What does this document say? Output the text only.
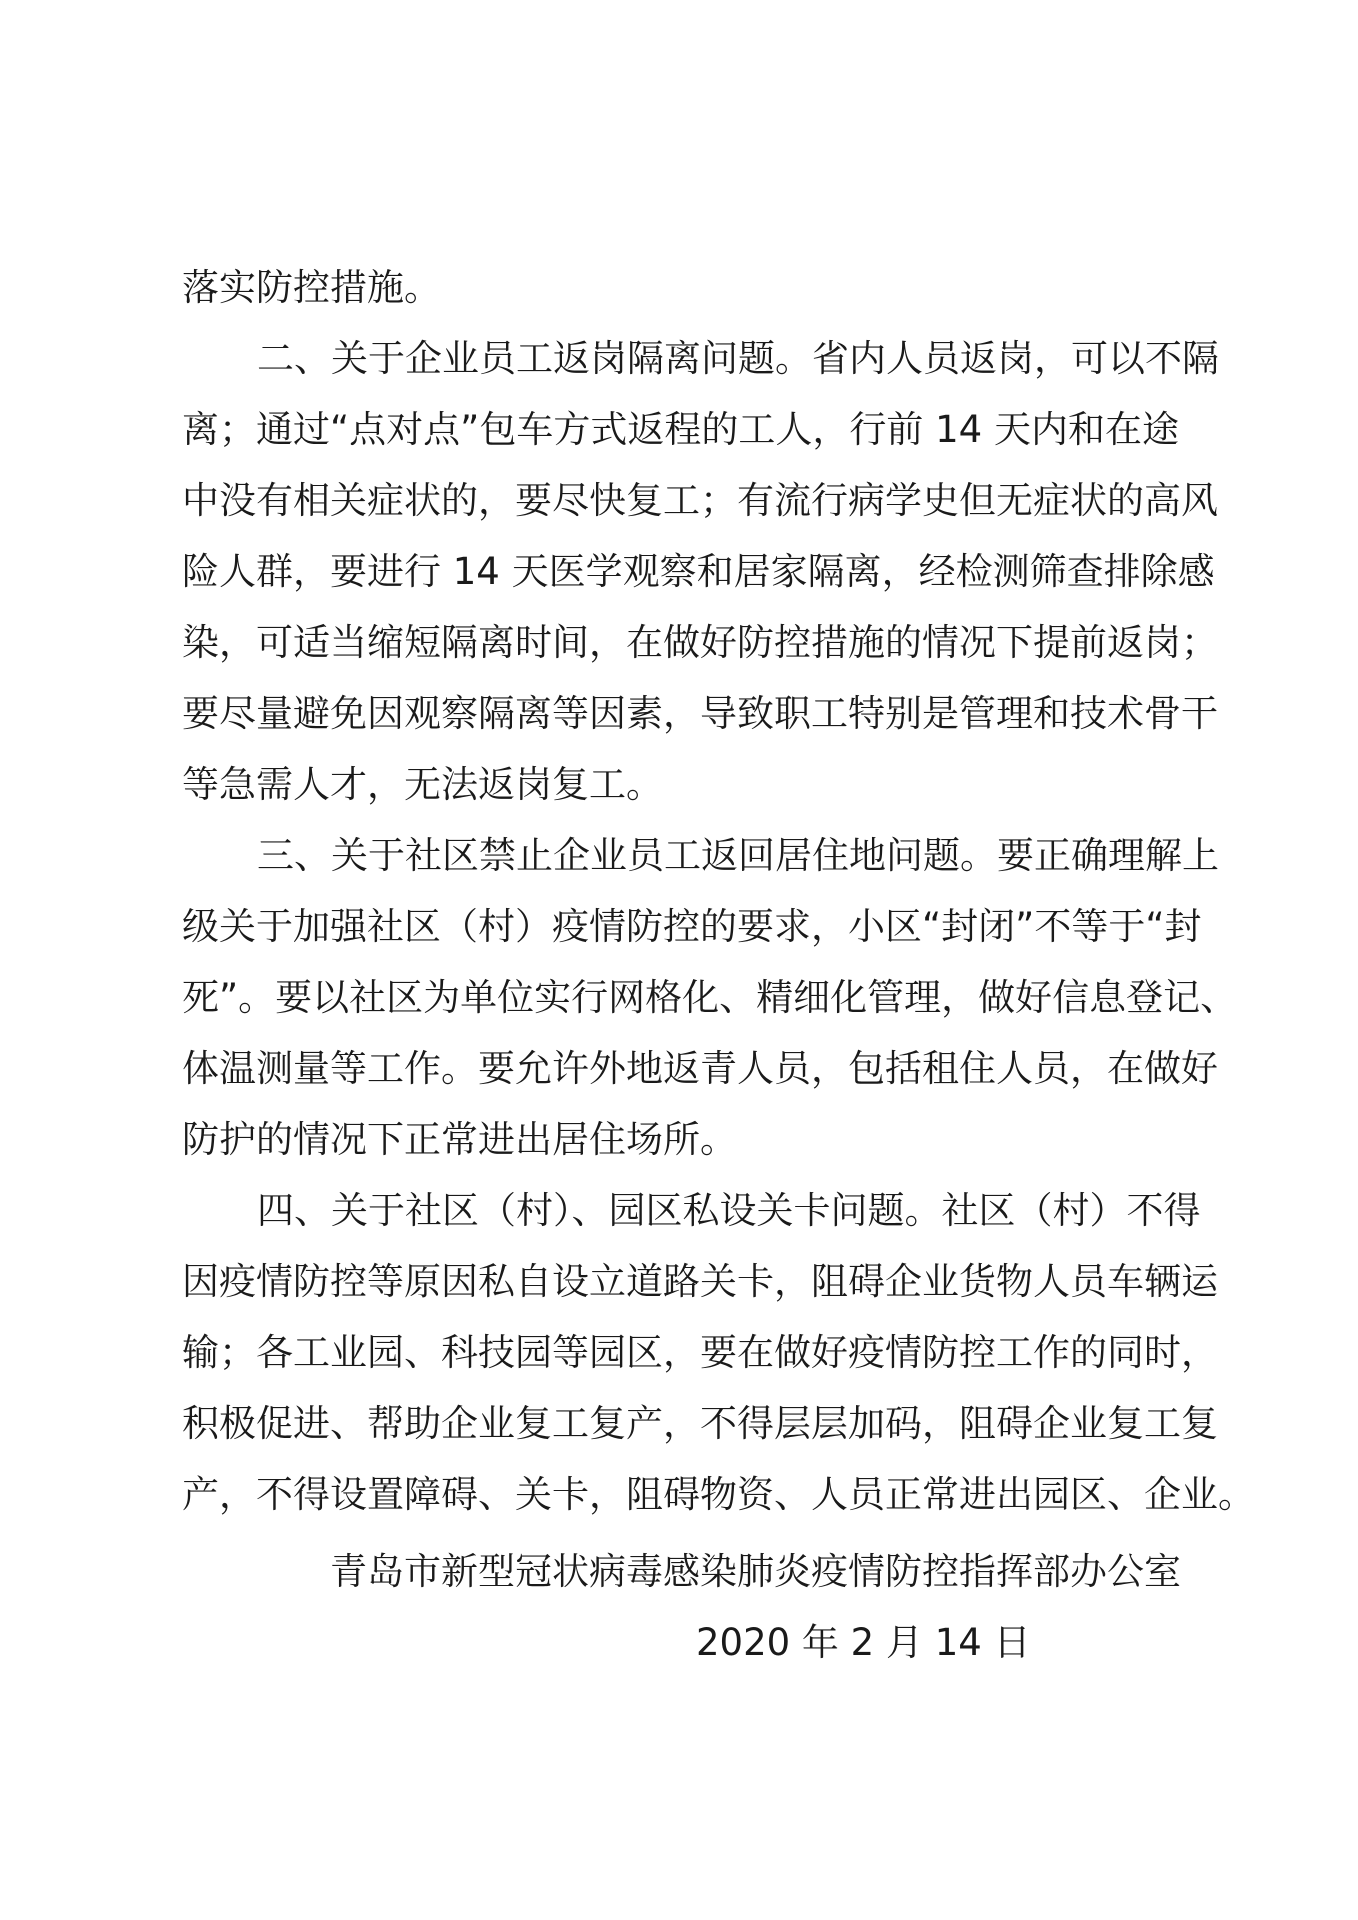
落实防控措施。
二、关于企业员工返岗隔离问题。省内人员返岗，可以不隔
离；通过“点对点”包车方式返程的工人，行前 14 天内和在途
中没有相关症状的，要尽快复工；有流行病学史但无症状的高风
险人群，要进行 14 天医学观察和居家隔离，经检测筛查排除感
染，可适当缩短隔离时间，在做好防控措施的情况下提前返岗；
要尽量避免因观察隔离等因素，导致职工特别是管理和技术骨干
等急需人才，无法返岗复工。
三、关于社区禁止企业员工返回居住地问题。要正确理解上
级关于加强社区（村）疫情防控的要求，小区“封闭”不等于“封
死”。要以社区为单位实行网格化、精细化管理，做好信息登记、
体温测量等工作。要允许外地返青人员，包括租住人员，在做好
防护的情况下正常进出居住场所。
四、关于社区（村）、园区私设关卡问题。社区（村）不得
因疫情防控等原因私自设立道路关卡，阻碍企业货物人员车辆运
输；各工业园、科技园等园区，要在做好疫情防控工作的同时，
积极促进、帮助企业复工复产，不得层层加码，阻碍企业复工复
产，不得设置障碍、关卡，阻碍物资、人员正常进出园区、企业。
青岛市新型冠状病毒感染肺炎疫情防控指挥部办公室
2020 年 2 月 14 日
